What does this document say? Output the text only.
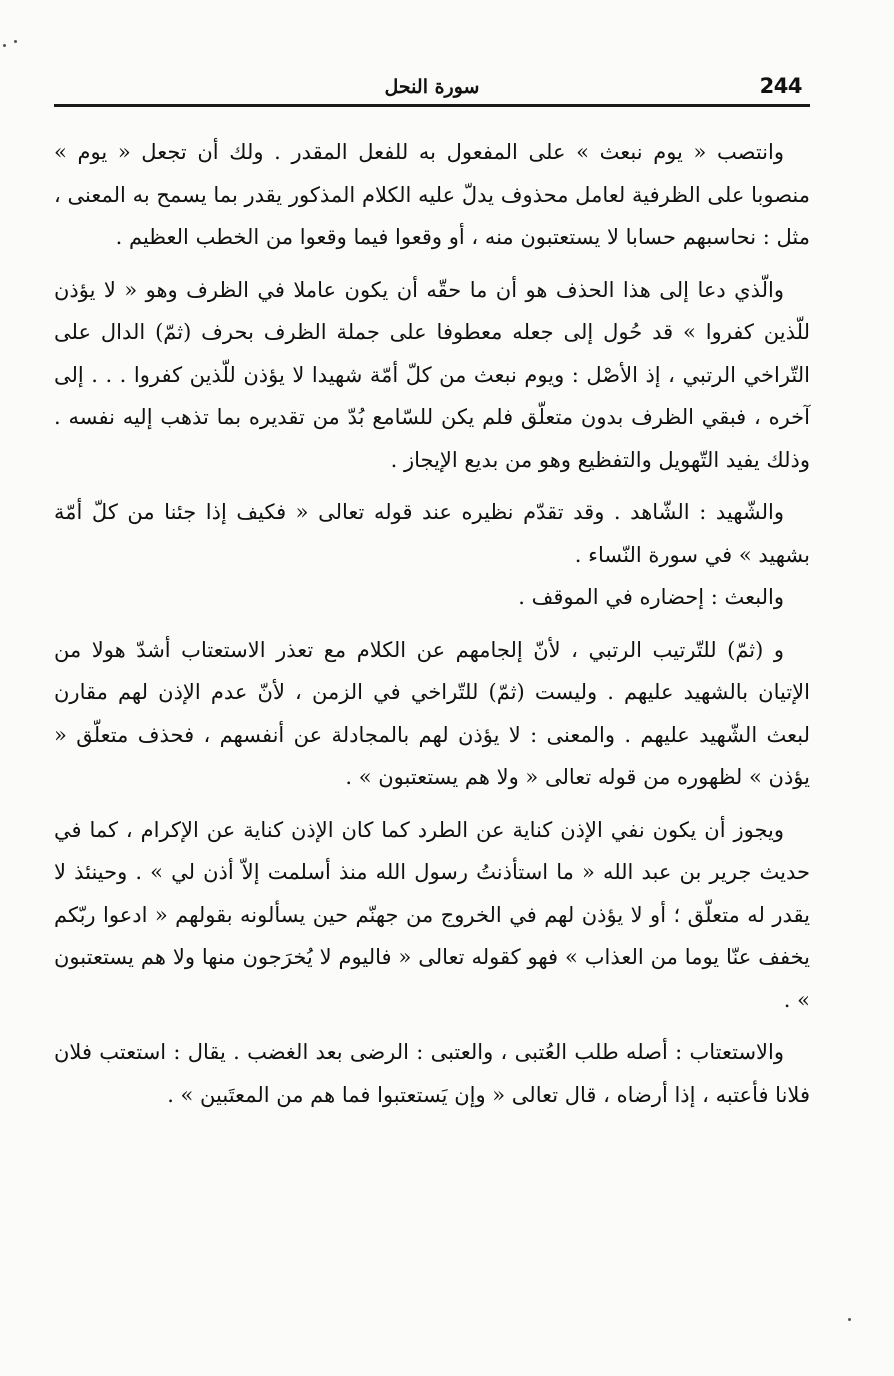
244
سورة النحل

وانتصب « يوم نبعث » على المفعول به للفعل المقدر . ولك أن تجعل « يوم » منصوبا على الظرفية لعامل محذوف يدلّ عليه الكلام المذكور يقدر بما يسمح به المعنى ، مثل : نحاسبهم حسابا لا يستعتبون منه ، أو وقعوا فيما وقعوا من الخطب العظيم .

والّذي دعا إلى هذا الحذف هو أن ما حقّه أن يكون عاملا في الظرف وهو « لا يؤذن للّذين كفروا » قد حُول إلى جعله معطوفا على جملة الظرف بحرف (ثمّ) الدال على التّراخي الرتبي ، إذ الأصْل : ويوم نبعث من كلّ أمّة شهيدا لا يؤذن للّذين كفروا . . . إلى آخره ، فبقي الظرف بدون متعلّق فلم يكن للسّامع بُدّ من تقديره بما تذهب إليه نفسه . وذلك يفيد التّهويل والتفظيع وهو من بديع الإيجاز .

والشّهيد : الشّاهد . وقد تقدّم نظيره عند قوله تعالى « فكيف إذا جئنا من كلّ أمّة بشهيد » في سورة النّساء .

والبعث : إحضاره في الموقف .

و (ثمّ) للتّرتيب الرتبي ، لأنّ إلجامهم عن الكلام مع تعذر الاستعتاب أشدّ هولا من الإتيان بالشهيد عليهم . وليست (ثمّ) للتّراخي في الزمن ، لأنّ عدم الإذن لهم مقارن لبعث الشّهيد عليهم . والمعنى : لا يؤذن لهم بالمجادلة عن أنفسهم ، فحذف متعلّق « يؤذن » لظهوره من قوله تعالى « ولا هم يستعتبون » .

ويجوز أن يكون نفي الإذن كناية عن الطرد كما كان الإذن كناية عن الإكرام ، كما في حديث جرير بن عبد الله « ما استأذنتُ رسول الله منذ أسلمت إلاّ أذن لي » . وحينئذ لا يقدر له متعلّق ؛ أو لا يؤذن لهم في الخروج من جهنّم حين يسألونه بقولهم « ادعوا ربّكم يخفف عنّا يوما من العذاب » فهو كقوله تعالى « فاليوم لا يُخرَجون منها ولا هم يستعتبون » .

والاستعتاب : أصله طلب العُتبى ، والعتبى : الرضى بعد الغضب . يقال : استعتب فلان فلانا فأعتبه ، إذا أرضاه ، قال تعالى « وإن يَستعتبوا فما هم من المعتَبين » .
